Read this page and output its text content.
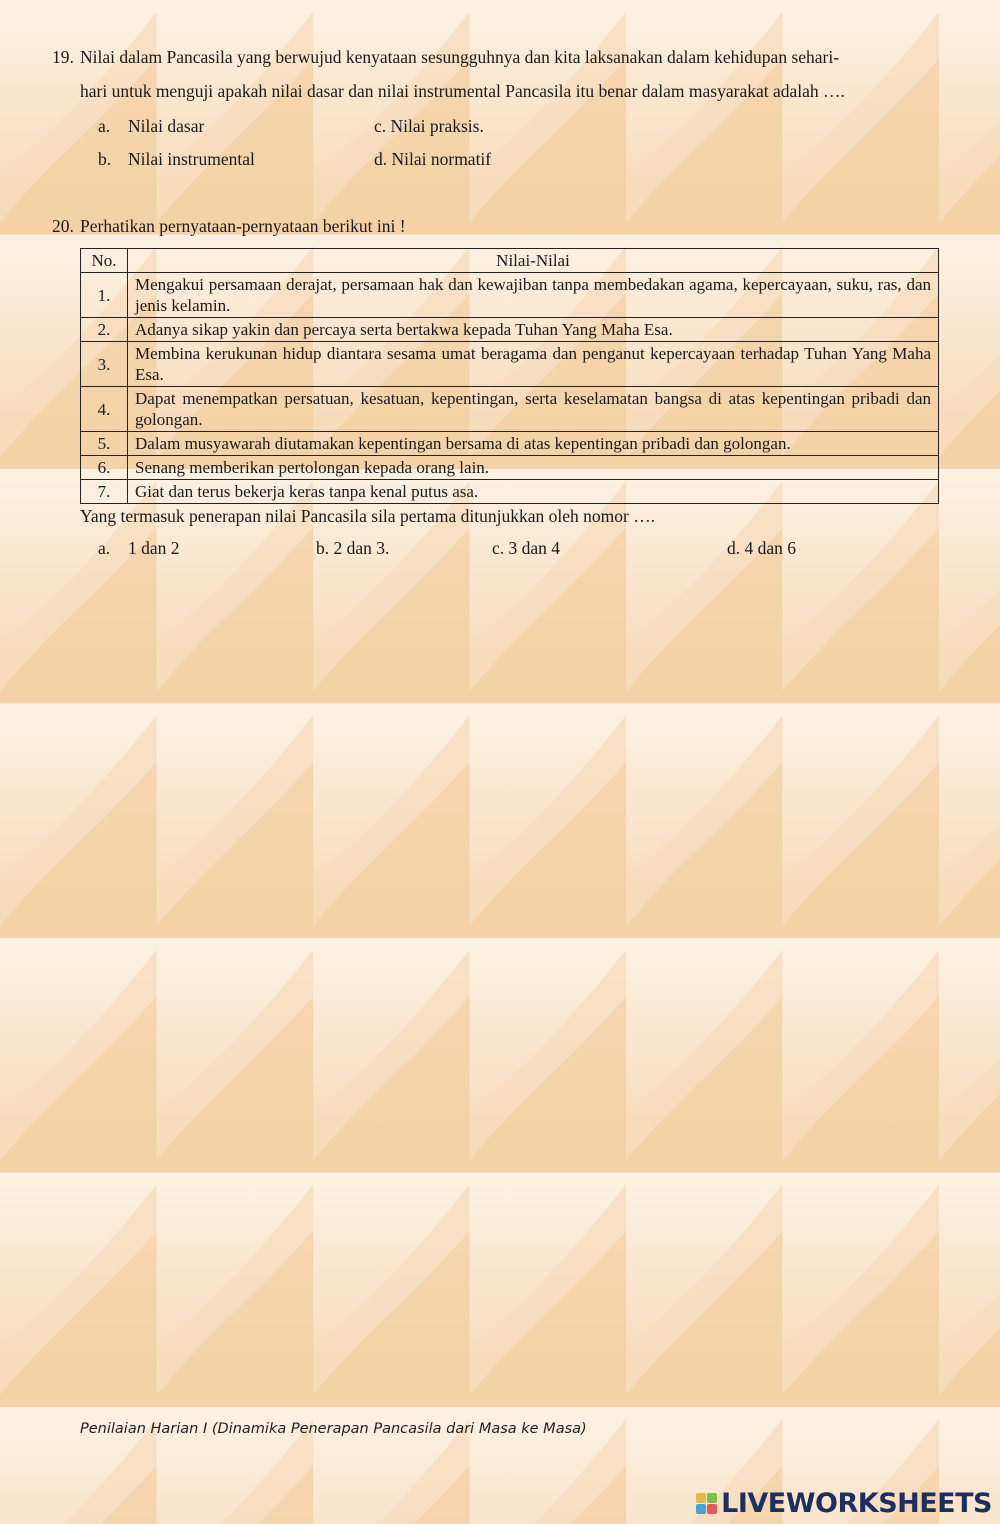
19. Nilai dalam Pancasila yang berwujud kenyataan sesungguhnya dan kita laksanakan dalam kehidupan sehari-
hari untuk menguji apakah nilai dasar dan nilai instrumental Pancasila itu benar dalam masyarakat adalah ….
a. Nilai dasar
b. Nilai instrumental
c. Nilai praksis.
d. Nilai normatif
20. Perhatikan pernyataan-pernyataan berikut ini !
No.	Nilai-Nilai
1.	Mengakui persamaan derajat, persamaan hak dan kewajiban tanpa membedakan agama, kepercayaan, suku, ras, dan jenis kelamin.
2.	Adanya sikap yakin dan percaya serta bertakwa kepada Tuhan Yang Maha Esa.
3.	Membina kerukunan hidup diantara sesama umat beragama dan penganut kepercayaan terhadap Tuhan Yang Maha Esa.
4.	Dapat menempatkan persatuan, kesatuan, kepentingan, serta keselamatan bangsa di atas kepentingan pribadi dan golongan.
5.	Dalam musyawarah diutamakan kepentingan bersama di atas kepentingan pribadi dan golongan.
6.	Senang memberikan pertolongan kepada orang lain.
7.	Giat dan terus bekerja keras tanpa kenal putus asa.
Yang termasuk penerapan nilai Pancasila sila pertama ditunjukkan oleh nomor ….
a. 1 dan 2	b. 2 dan 3.	c. 3 dan 4	d. 4 dan 6
Penilaian Harian I (Dinamika Penerapan Pancasila dari Masa ke Masa)
LIVEWORKSHEETS
